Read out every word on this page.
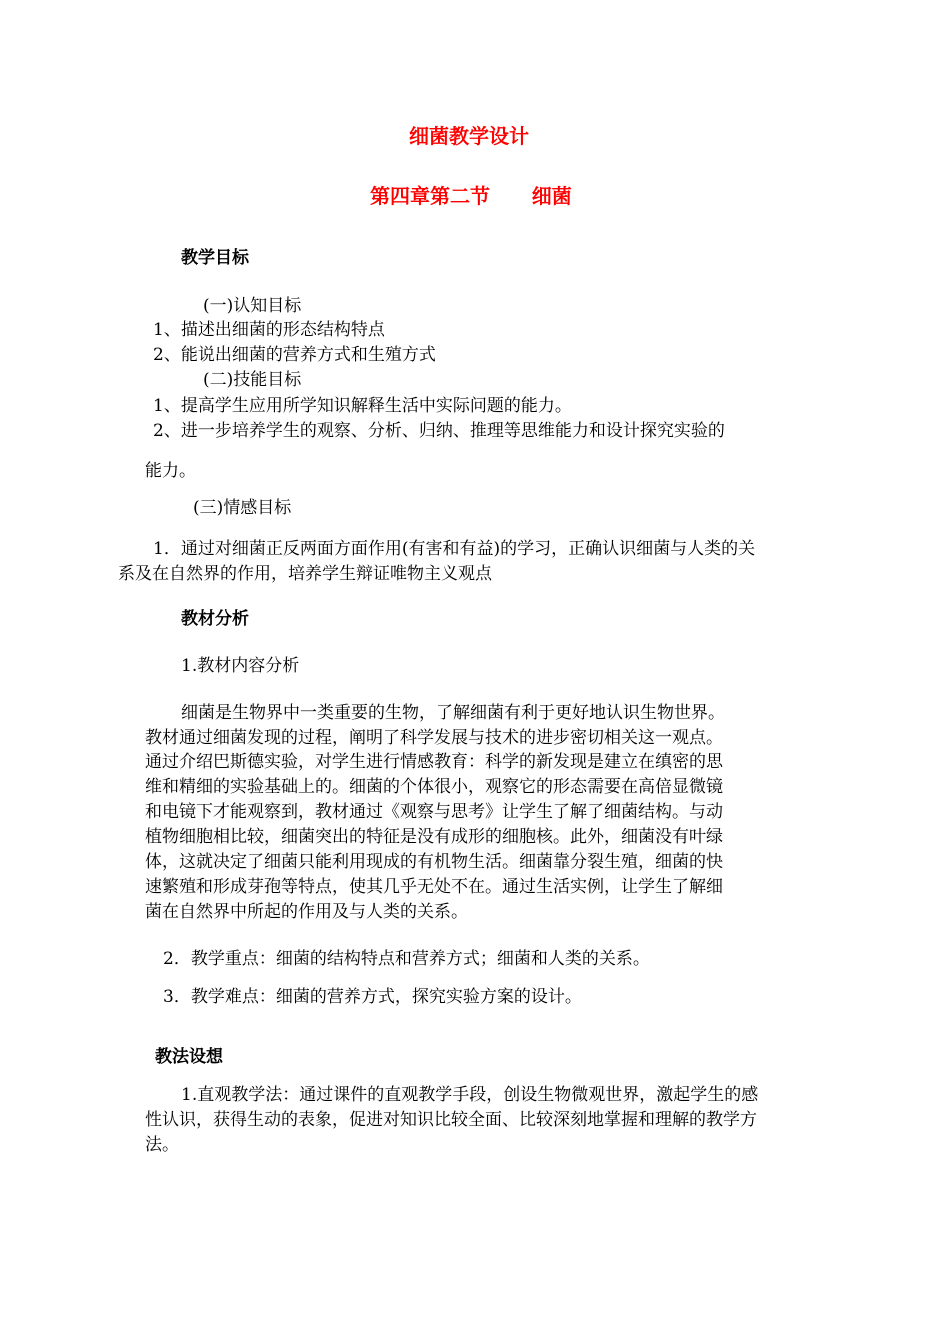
细菌教学设计
第四章第二节      细菌
教学目标
(一)认知目标
1、描述出细菌的形态结构特点
2、能说出细菌的营养方式和生殖方式
(二)技能目标
1、提高学生应用所学知识解释生活中实际问题的能力。
2、进一步培养学生的观察、分析、归纳、推理等思维能力和设计探究实验的
能力。
(三)情感目标
1．通过对细菌正反两面方面作用(有害和有益)的学习，正确认识细菌与人类的关
系及在自然界的作用，培养学生辩证唯物主义观点
教材分析
1.教材内容分析
细菌是生物界中一类重要的生物，了解细菌有利于更好地认识生物世界。
教材通过细菌发现的过程，阐明了科学发展与技术的进步密切相关这一观点。
通过介绍巴斯德实验，对学生进行情感教育：科学的新发现是建立在缜密的思
维和精细的实验基础上的。细菌的个体很小，观察它的形态需要在高倍显微镜
和电镜下才能观察到，教材通过《观察与思考》让学生了解了细菌结构。与动
植物细胞相比较，细菌突出的特征是没有成形的细胞核。此外，细菌没有叶绿
体，这就决定了细菌只能利用现成的有机物生活。细菌靠分裂生殖，细菌的快
速繁殖和形成芽孢等特点，使其几乎无处不在。通过生活实例，让学生了解细
菌在自然界中所起的作用及与人类的关系。
2．教学重点：细菌的结构特点和营养方式；细菌和人类的关系。
3．教学难点：细菌的营养方式，探究实验方案的设计。
教法设想
1.直观教学法：通过课件的直观教学手段，创设生物微观世界，激起学生的感
性认识，获得生动的表象，促进对知识比较全面、比较深刻地掌握和理解的教学方
法。
